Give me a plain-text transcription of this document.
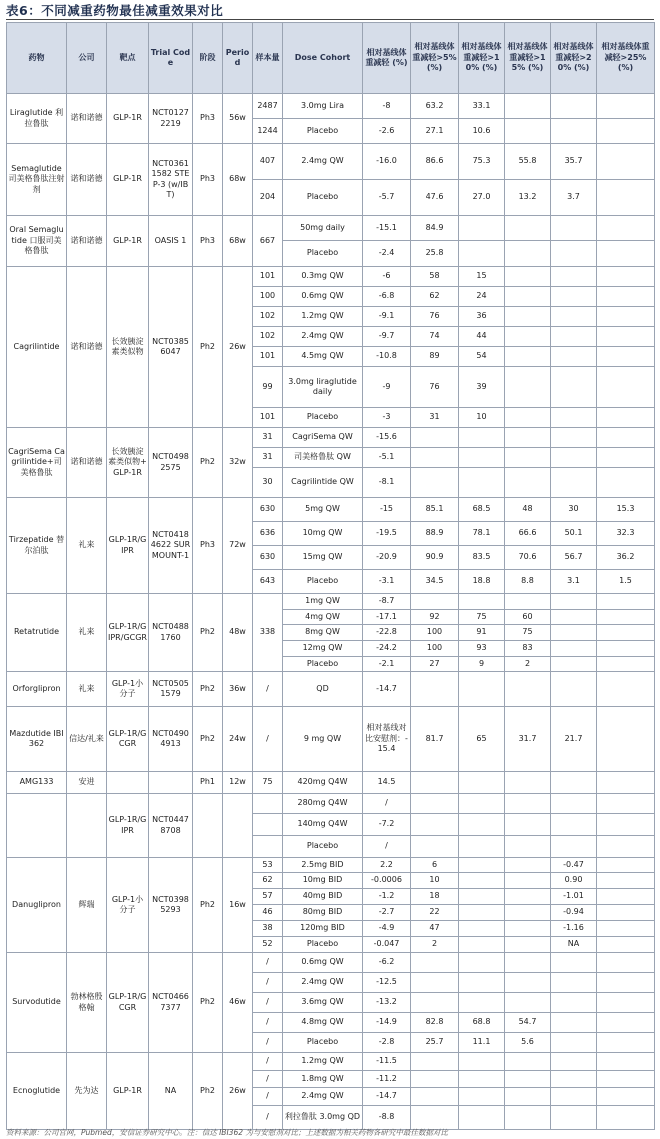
表6：不同减重药物最佳减重效果对比
药物	公司	靶点	Trial Code	阶段	Period	样本量	Dose Cohort	相对基线体重减轻 (%)	相对基线体重减轻>5% (%)	相对基线体重减轻>10% (%)	相对基线体重减轻>15% (%)	相对基线体重减轻>20% (%)	相对基线体重减轻>25% (%)
Liraglutide 利拉鲁肽	诺和诺德	GLP-1R	NCT01272219	Ph3	56w	2487	3.0mg Lira	-8	63.2	33.1			
						1244	Placebo	-2.6	27.1	10.6			
Semaglutide 司美格鲁肽注射剂	诺和诺德	GLP-1R	NCT03611582 STEP-3 (w/IBT)	Ph3	68w	407	2.4mg QW	-16.0	86.6	75.3	55.8	35.7	
						204	Placebo	-5.7	47.6	27.0	13.2	3.7	
Oral Semaglutide 口服司美格鲁肽	诺和诺德	GLP-1R	OASIS 1	Ph3	68w	667	50mg daily	-15.1	84.9				
							Placebo	-2.4	25.8				
Cagrilintide	诺和诺德	长效胰淀素类似物	NCT03856047	Ph2	26w	101	0.3mg QW	-6	58	15			
						100	0.6mg QW	-6.8	62	24			
						102	1.2mg QW	-9.1	76	36			
						102	2.4mg QW	-9.7	74	44			
						101	4.5mg QW	-10.8	89	54			
						99	3.0mg liraglutide daily	-9	76	39			
						101	Placebo	-3	31	10			
CagriSema Cagrilintide+司美格鲁肽	诺和诺德	长效胰淀素类似物+GLP-1R	NCT04982575	Ph2	32w	31	CagriSema QW	-15.6					
						31	司美格鲁肽 QW	-5.1					
						30	Cagrilintide QW	-8.1					
Tirzepatide 替尔泊肽	礼来	GLP-1R/GIPR	NCT04184622 SURMOUNT-1	Ph3	72w	630	5mg QW	-15	85.1	68.5	48	30	15.3
						636	10mg QW	-19.5	88.9	78.1	66.6	50.1	32.3
						630	15mg QW	-20.9	90.9	83.5	70.6	56.7	36.2
						643	Placebo	-3.1	34.5	18.8	8.8	3.1	1.5
Retatrutide	礼来	GLP-1R/GIPR/GCGR	NCT04881760	Ph2	48w	338	1mg QW	-8.7					
							4mg QW	-17.1	92	75	60		
							8mg QW	-22.8	100	91	75		
							12mg QW	-24.2	100	93	83		
							Placebo	-2.1	27	9	2		
Orforglipron	礼来	GLP-1小分子	NCT05051579	Ph2	36w	/	QD	-14.7					
Mazdutide IBI362	信达/礼来	GLP-1R/GCGR	NCT04904913	Ph2	24w	/	9 mg QW	相对基线对比安慰剂：-15.4	81.7	65	31.7	21.7	
AMG133	安进			Ph1	12w	75	420mg Q4W	14.5					
		GLP-1R/GIPR	NCT04478708				280mg Q4W	/					
							140mg Q4W	-7.2					
							Placebo	/					
Danuglipron	辉瑞	GLP-1小分子	NCT03985293	Ph2	16w	53	2.5mg BID	2.2	6			-0.47	
						62	10mg BID	-0.0006	10			0.90	
						57	40mg BID	-1.2	18			-1.01	
						46	80mg BID	-2.7	22			-0.94	
						38	120mg BID	-4.9	47			-1.16	
						52	Placebo	-0.047	2			NA	
Survodutide	勃林格殷格翰	GLP-1R/GCGR	NCT04667377	Ph2	46w	/	0.6mg QW	-6.2					
						/	2.4mg QW	-12.5					
						/	3.6mg QW	-13.2					
						/	4.8mg QW	-14.9	82.8	68.8	54.7		
						/	Placebo	-2.8	25.7	11.1	5.6		
Ecnoglutide	先为达	GLP-1R	NA	Ph2	26w	/	1.2mg QW	-11.5					
						/	1.8mg QW	-11.2					
						/	2.4mg QW	-14.7					
						/	利拉鲁肽 3.0mg QD	-8.8					
资料来源：公司官网，Pubmed，安信证券研究中心。注：信达 IBI362 为与安慰剂对比；上述数据为相关药物各研究中最佳数据对比
